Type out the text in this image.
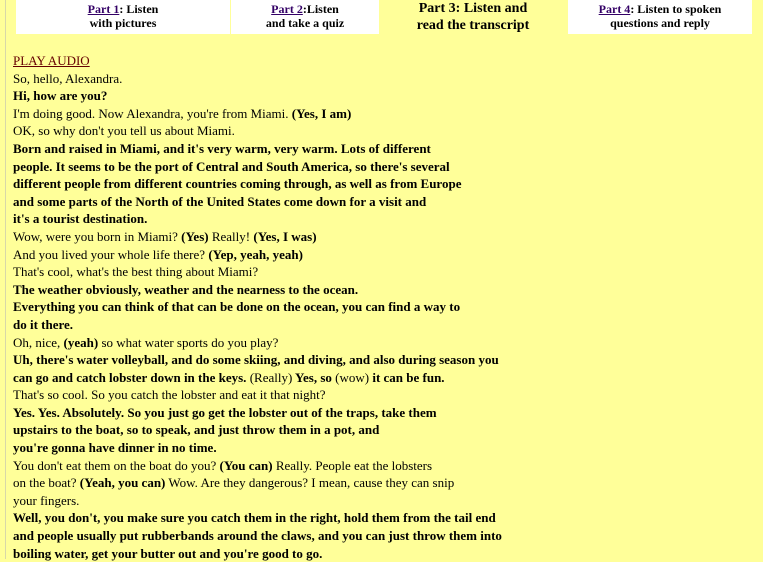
Part 1: Listen
with pictures
Part 2:Listen
and take a quiz
Part 3: Listen and
read the transcript
Part 4: Listen to spoken
questions and reply
PLAY AUDIO
So, hello, Alexandra.
Hi, how are you?
I'm doing good. Now Alexandra, you're from Miami. (Yes, I am)
OK, so why don't you tell us about Miami.
Born and raised in Miami, and it's very warm, very warm. Lots of different
people. It seems to be the port of Central and South America, so there's several
different people from different countries coming through, as well as from Europe
and some parts of the North of the United States come down for a visit and
it's a tourist destination.
Wow, were you born in Miami? (Yes) Really! (Yes, I was)
And you lived your whole life there? (Yep, yeah, yeah)
That's cool, what's the best thing about Miami?
The weather obviously, weather and the nearness to the ocean.
Everything you can think of that can be done on the ocean, you can find a way to
do it there.
Oh, nice, (yeah) so what water sports do you play?
Uh, there's water volleyball, and do some skiing, and diving, and also during season you
can go and catch lobster down in the keys. (Really) Yes, so (wow) it can be fun.
That's so cool. So you catch the lobster and eat it that night?
Yes. Yes. Absolutely. So you just go get the lobster out of the traps, take them
upstairs to the boat, so to speak, and just throw them in a pot, and
you're gonna have dinner in no time.
You don't eat them on the boat do you? (You can) Really. People eat the lobsters
on the boat? (Yeah, you can) Wow. Are they dangerous? I mean, cause they can snip
your fingers.
Well, you don't, you make sure you catch them in the right, hold them from the tail end
and people usually put rubberbands around the claws, and you can just throw them into
boiling water, get your butter out and you're good to go.
